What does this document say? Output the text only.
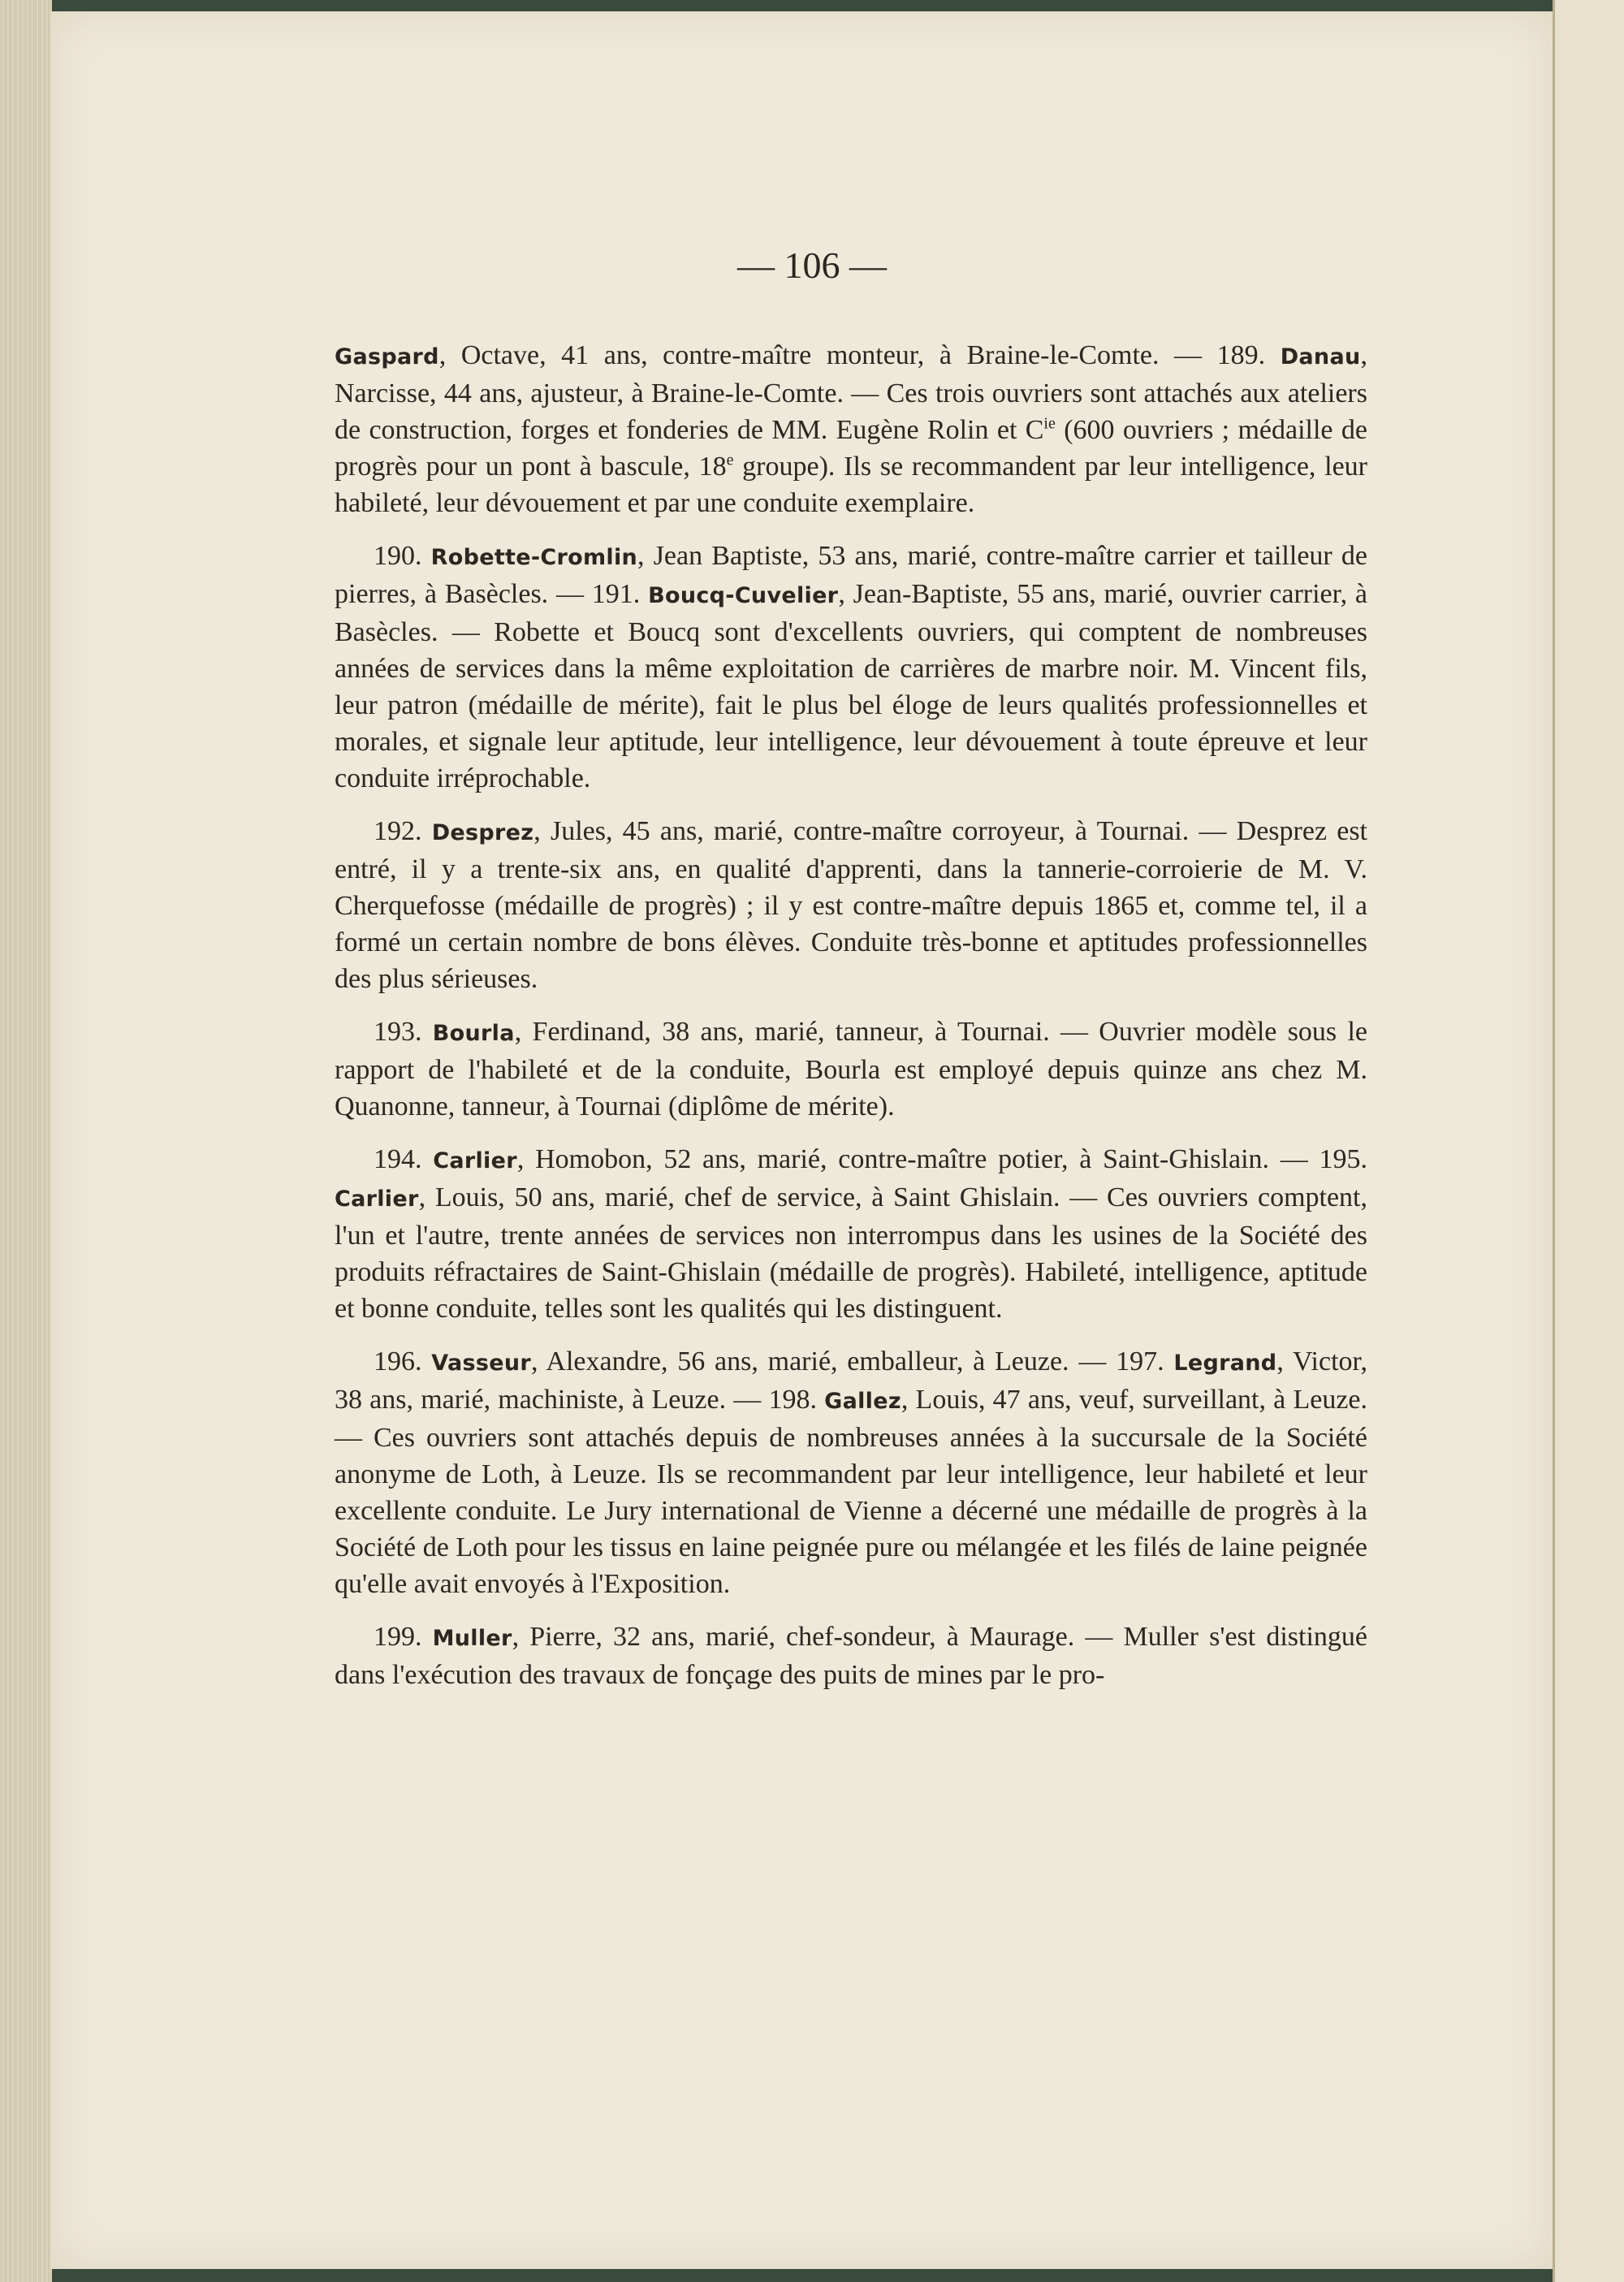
— 106 —

Gaspard, Octave, 41 ans, contre-maître monteur, à Braine-le-Comte. — 189. Danau, Narcisse, 44 ans, ajusteur, à Braine-le-Comte. — Ces trois ouvriers sont attachés aux ateliers de construction, forges et fonderies de MM. Eugène Rolin et $C^{ie}$ (600 ouvriers ; médaille de progrès pour un pont à bascule, 18e groupe). Ils se recommandent par leur intelligence, leur habileté, leur dévouement et par une conduite exemplaire.

190. Robette-Cromlin, Jean Baptiste, 53 ans, marié, contre-maître carrier et tailleur de pierres, à Basècles. — 191. Boucq-Cuvelier, Jean-Baptiste, 55 ans, marié, ouvrier carrier, à Basècles. — Robette et Boucq sont d'excellents ouvriers, qui comptent de nombreuses années de services dans la même exploitation de carrières de marbre noir. M. Vincent fils, leur patron (médaille de mérite), fait le plus bel éloge de leurs qualités professionnelles et morales, et signale leur aptitude, leur intelligence, leur dévouement à toute épreuve et leur conduite irréprochable.

192. Desprez, Jules, 45 ans, marié, contre-maître corroyeur, à Tournai. — Desprez est entré, il y a trente-six ans, en qualité d'apprenti, dans la tannerie-corroierie de M. V. Cherquefosse (médaille de progrès) ; il y est contre-maître depuis 1865 et, comme tel, il a formé un certain nombre de bons élèves. Conduite très-bonne et aptitudes professionnelles des plus sérieuses.

193. Bourla, Ferdinand, 38 ans, marié, tanneur, à Tournai. — Ouvrier modèle sous le rapport de l'habileté et de la conduite, Bourla est employé depuis quinze ans chez M. Quanonne, tanneur, à Tournai (diplôme de mérite).

194. Carlier, Homobon, 52 ans, marié, contre-maître potier, à Saint-Ghislain. — 195. Carlier, Louis, 50 ans, marié, chef de service, à Saint Ghislain. — Ces ouvriers comptent, l'un et l'autre, trente années de services non interrompus dans les usines de la Société des produits réfractaires de Saint-Ghislain (médaille de progrès). Habileté, intelligence, aptitude et bonne conduite, telles sont les qualités qui les distinguent.

196. Vasseur, Alexandre, 56 ans, marié, emballeur, à Leuze. — 197. Legrand, Victor, 38 ans, marié, machiniste, à Leuze. — 198. Gallez, Louis, 47 ans, veuf, surveillant, à Leuze. — Ces ouvriers sont attachés depuis de nombreuses années à la succursale de la Société anonyme de Loth, à Leuze. Ils se recommandent par leur intelligence, leur habileté et leur excellente conduite. Le Jury international de Vienne a décerné une médaille de progrès à la Société de Loth pour les tissus en laine peignée pure ou mélangée et les filés de laine peignée qu'elle avait envoyés à l'Exposition.

199. Muller, Pierre, 32 ans, marié, chef-sondeur, à Maurage. — Muller s'est distingué dans l'exécution des travaux de fonçage des puits de mines par le pro-
